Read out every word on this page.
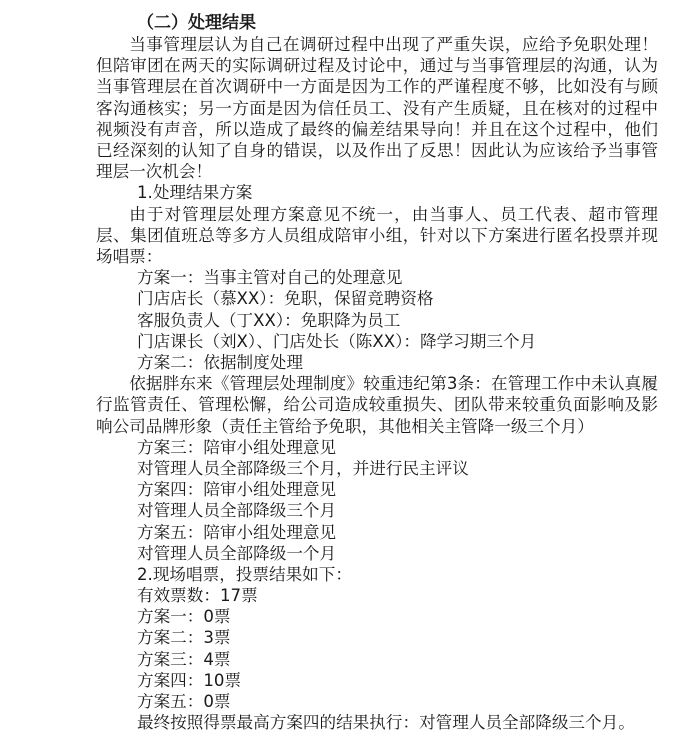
（二）处理结果

当事管理层认为自己在调研过程中出现了严重失误，应给予免职处理！但陪审团在两天的实际调研过程及讨论中，通过与当事管理层的沟通，认为当事管理层在首次调研中一方面是因为工作的严谨程度不够，比如没有与顾客沟通核实；另一方面是因为信任员工、没有产生质疑，且在核对的过程中视频没有声音，所以造成了最终的偏差结果导向！并且在这个过程中，他们已经深刻的认知了自身的错误，以及作出了反思！因此认为应该给予当事管理层一次机会！

1.处理结果方案

由于对管理层处理方案意见不统一，由当事人、员工代表、超市管理层、集团值班总等多方人员组成陪审小组，针对以下方案进行匿名投票并现场唱票：

方案一：当事主管对自己的处理意见
门店店长（慕XX）：免职，保留竞聘资格
客服负责人（丁XX）：免职降为员工
门店课长（刘X）、门店处长（陈XX）：降学习期三个月
方案二：依据制度处理

依据胖东来《管理层处理制度》较重违纪第3条：在管理工作中未认真履行监管责任、管理松懈，给公司造成较重损失、团队带来较重负面影响及影响公司品牌形象（责任主管给予免职，其他相关主管降一级三个月）

方案三：陪审小组处理意见
对管理人员全部降级三个月，并进行民主评议
方案四：陪审小组处理意见
对管理人员全部降级三个月
方案五：陪审小组处理意见
对管理人员全部降级一个月
2.现场唱票，投票结果如下：
有效票数：17票
方案一：0票
方案二：3票
方案三：4票
方案四：10票
方案五：0票
最终按照得票最高方案四的结果执行：对管理人员全部降级三个月。
